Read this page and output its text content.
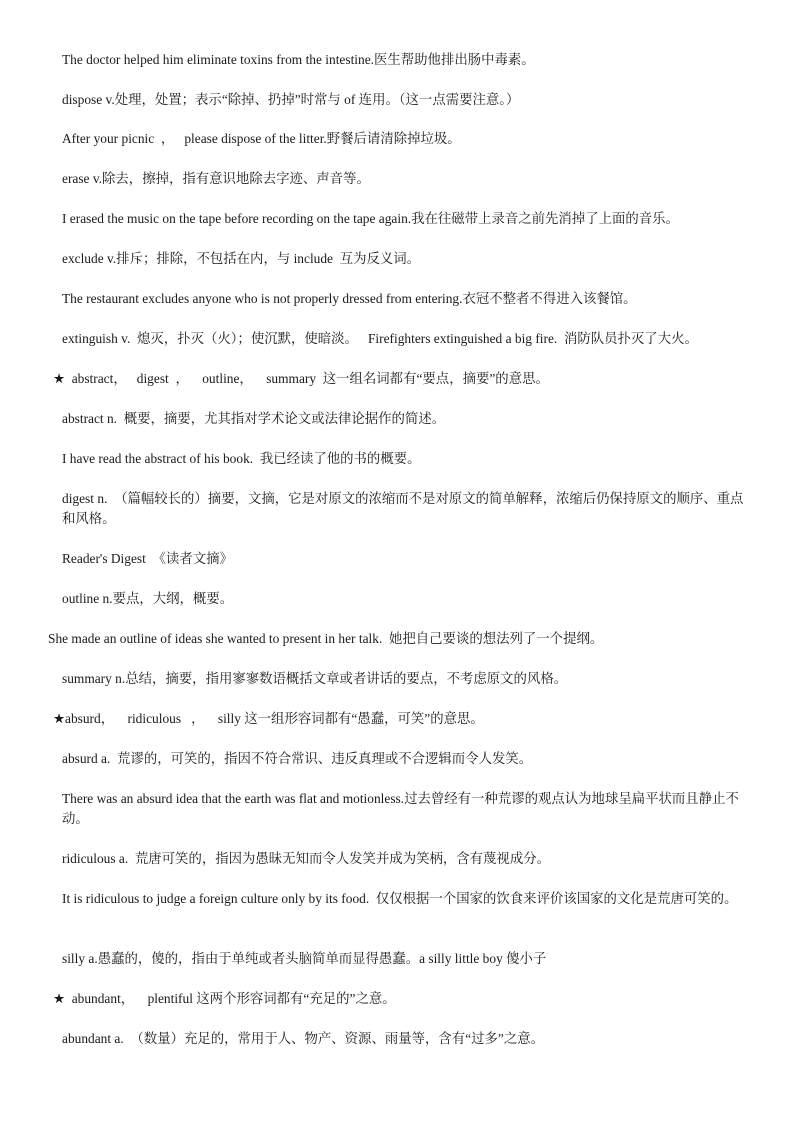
The doctor helped him eliminate toxins from the intestine.医生帮助他排出肠中毒素。
dispose v.处理，处置；表示“除掉、扔掉”时常与 of 连用。（这一点需要注意。）
After your picnic  ，   please dispose of the litter.野餐后请清除掉垃圾。
erase v.除去，擦掉，指有意识地除去字迹、声音等。
I erased the music on the tape before recording on the tape again.我在往磁带上录音之前先消掉了上面的音乐。
exclude v.排斥；排除，不包括在内，与 include  互为反义词。
The restaurant excludes anyone who is not properly dressed from entering.衣冠不整者不得进入该餐馆。
extinguish v.  熄灭，扑灭（火）；使沉默，使暗淡。   Firefighters extinguished a big fire.  消防队员扑灭了大火。
★  abstract，   digest  ，    outline，    summary  这一组名词都有“要点，摘要”的意思。
abstract n.  概要，摘要，尤其指对学术论文或法律论据作的简述。
I have read the abstract of his book.  我已经读了他的书的概要。
digest n.  （篇幅较长的）摘要，文摘，它是对原文的浓缩而不是对原文的简单解释，浓缩后仍保持原文的顺序、重点和风格。
Reader's Digest  《读者文摘》
outline n.要点，大纲，概要。
She made an outline of ideas she wanted to present in her talk.  她把自己要谈的想法列了一个提纲。
summary n.总结，摘要，指用寥寥数语概括文章或者讲话的要点，不考虑原文的风格。
★absurd，    ridiculous   ，    silly 这一组形容词都有“愚蠢，可笑”的意思。
absurd a.  荒谬的，可笑的，指因不符合常识、违反真理或不合逻辑而令人发笑。
There was an absurd idea that the earth was flat and motionless.过去曾经有一种荒谬的观点认为地球呈扁平状而且静止不动。
ridiculous a.  荒唐可笑的，指因为愚昧无知而令人发笑并成为笑柄，含有蔑视成分。
It is ridiculous to judge a foreign culture only by its food.  仅仅根据一个国家的饮食来评价该国家的文化是荒唐可笑的。
silly a.愚蠢的，傻的，指由于单纯或者头脑简单而显得愚蠢。a silly little boy 傻小子
★  abundant，    plentiful 这两个形容词都有“充足的”之意。
abundant a.  （数量）充足的，常用于人、物产、资源、雨量等，含有“过多”之意。
